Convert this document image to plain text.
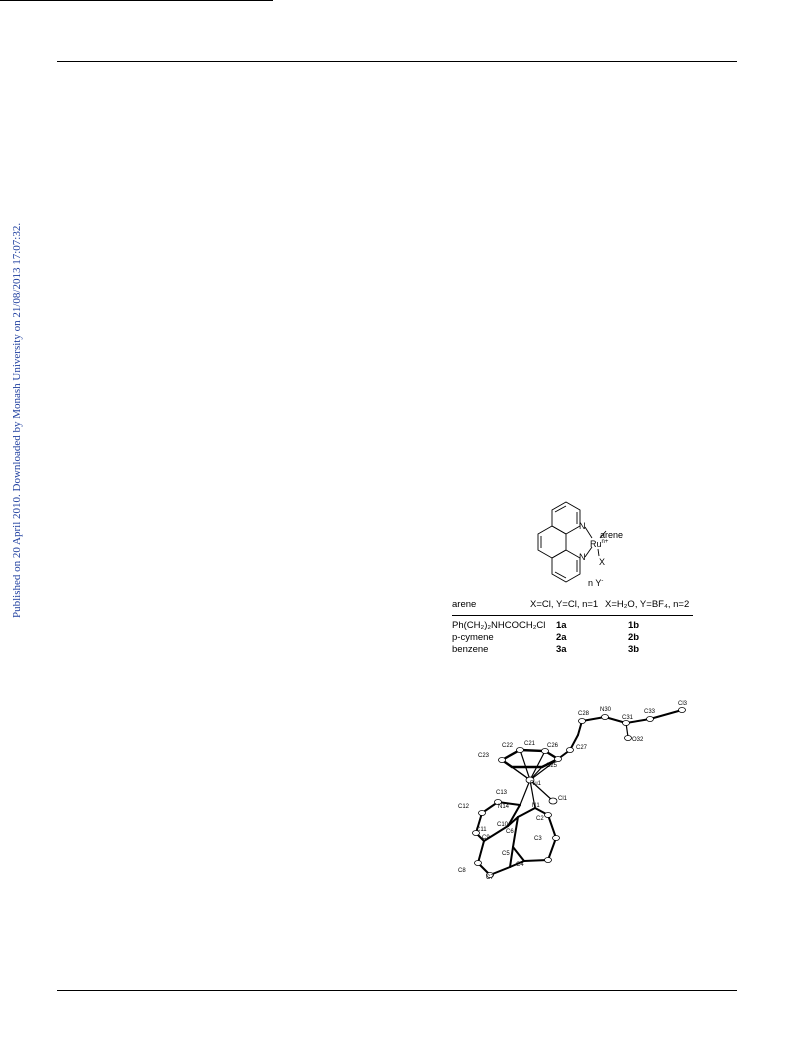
Published on 20 April 2010. Downloaded by Monash University on 21/08/2013 17:07:32.	N
N
$Ru^{n+}$
arene
X
n Y-
arene	X=Cl, Y=Cl, n=1 X=H₂O, Y=BF₄, n=2
Ph(CH₂)₂NHCOCH₂Cl 1a	1b
p-cymene	2a	2b
benzene	3a	3b
C28
N30
C31
C33
Cl3
O32
C22 C21 C26
C23
C25
C27
Ru1
C13
Cl1
C12	N14	N1
C10
C2
C11	C6
C9	C3
C5
C4
C8
C7
